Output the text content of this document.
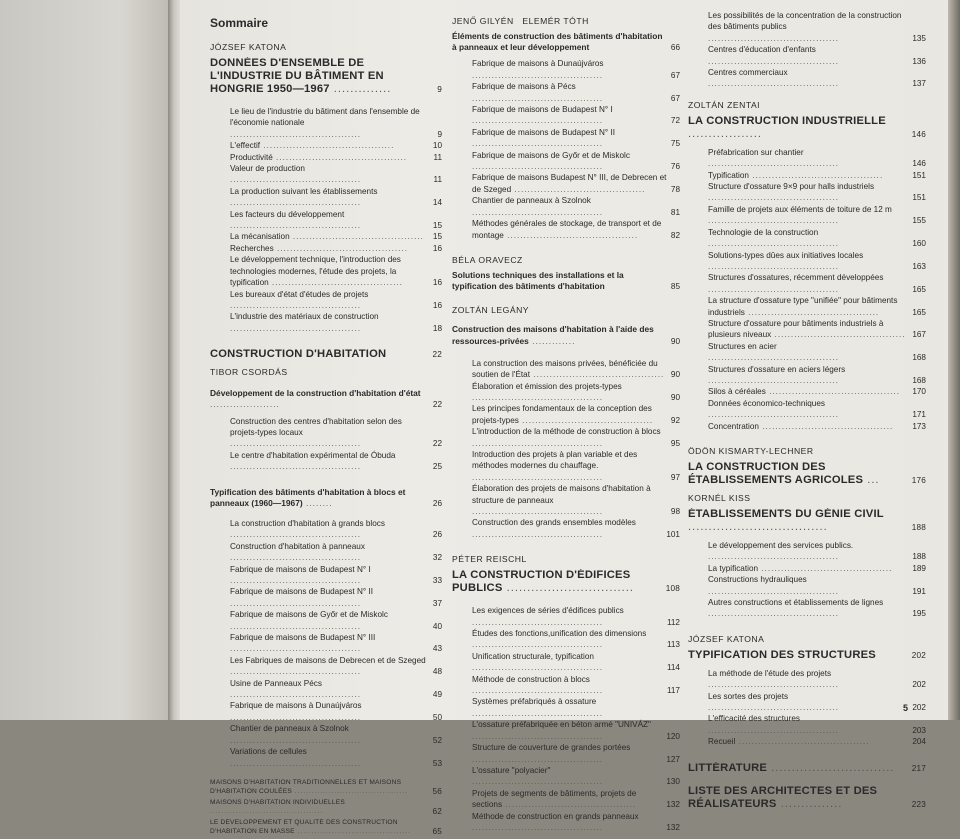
Sommaire
JÓZSEF KATONA
DONNÉES D'ENSEMBLE DE L'INDUSTRIE DU BÂTIMENT EN HONGRIE 1950—1967 ..............	9
Le lieu de l'industrie du bâtiment dans l'ensemble de l'économie nationale ........................................	9
L'effectif ........................................	10
Productivité ........................................	11
Valeur de production ........................................	11
La production suivant les établissements ........................................	14
Les facteurs du développement ........................................	15
La mécanisation ........................................	15
Recherches ........................................	16
Le développement technique, l'introduction des technologies modernes, l'étude des projets, la typification ........................................	16
Les bureaux d'état d'études de projets ........................................	16
L'industrie des matériaux de construction ........................................	18
CONSTRUCTION D'HABITATION	22
TIBOR CSORDÁS
Développement de la construction d'habitation d'état .....................	22
Construction des centres d'habitation selon des projets-types locaux ........................................	22
Le centre d'habitation expérimental de Óbuda ........................................	25
Typification des bâtiments d'habitation à blocs et panneaux (1960—1967) ........	26
La construction d'habitation à grands blocs ........................................	26
Construction d'habitation à panneaux ........................................	32
Fabrique de maisons de Budapest N° I ........................................	33
Fabrique de maisons de Budapest N° II ........................................	37
Fabrique de maisons de Győr et de Miskolc ........................................	40
Fabrique de maisons de Budapest N° III ........................................	43
Les Fabriques de maisons de Debrecen et de Szeged ........................................	48
Usine de Panneaux Pécs ........................................	49
Fabrique de maisons à Dunaújváros ........................................	50
Chantier de panneaux à Szolnok ........................................	52
Variations de cellules ........................................	53
MAISONS D'HABITATION TRADITIONNELLES ET MAISONS D'HABITATION COULÉES ........................................	56
MAISONS D'HABITATION INDIVIDUELLES ........................................	62
LE DÉVELOPPEMENT ET QUALITÉ DES CONSTRUCTION D'HABITATION EN MASSE ........................................	65
JENŐ GILYÉN   ELEMÉR TÓTH
Éléments de construction des bâtiments d'habitation à panneaux et leur développement	66
Fabrique de maisons à Dunaújváros ........................................	67
Fabrique de maisons à Pécs ........................................	67
Fabrique de maisons de Budapest N° I ........................................	72
Fabrique de maisons de Budapest N° II ........................................	75
Fabrique de maisons de Győr et de Miskolc ........................................	76
Fabrique de maisons Budapest N° III, de Debrecen et de Szeged ........................................	78
Chantier de panneaux à Szolnok ........................................	81
Méthodes générales de stockage, de transport et de montage ........................................	82
BÉLA ORAVECZ
Solutions techniques des installations et la typification des bâtiments d'habitation	85
ZOLTÁN LEGÁNY
Construction des maisons d'habitation à l'aide des ressources-privées .............	90
La construction des maisons privées, bénéficiée du soutien de l'État ........................................ 90
Élaboration et émission des projets-types ........................................	90
Les principes fondamentaux de la conception des projets-types ........................................	92
L'introduction de la méthode de construction à blocs ........................................	95
Introduction des projets à plan variable et des méthodes modernes du chauffage. ........................................	97
Élaboration des projets de maisons d'habitation à structure de panneaux ........................................	98
Construction des grands ensembles modèles ........................................	101
PÉTER REISCHL
LA CONSTRUCTION D'ÉDIFICES PUBLICS ...............................	108
Les exigences de séries d'édifices publics ........................................	112
Études des fonctions,unification des dimensions ........................................	113
Unification structurale, typification ........................................	114
Méthode de construction à blocs ........................................	117
Systèmes préfabriqués à ossature ........................................
L'ossature préfabriquée en béton armé "UNIVÁZ" ........................................	120
Structure de couverture de grandes portées ........................................	127
L'ossature "polyacier" ........................................	130
Projets de segments de bâtiments, projets de sections ........................................	132
Méthode de construction en grands panneaux ........................................	132
Les possibilités de la concentration de la construction des bâtiments publics ........................................	135
Centres d'éducation d'enfants ........................................	136
Centres commerciaux ........................................	137
ZOLTÁN ZENTAI
LA CONSTRUCTION INDUSTRIELLE ..................	146
Préfabrication sur chantier ........................................	146
Typification ........................................	151
Structure d'ossature 9×9 pour halls industriels ........................................	151
Famille de projets aux éléments de toiture de 12 m ........................................	155
Technologie de la construction ........................................	160
Solutions-types dûes aux initiatives locales ........................................	163
Structures d'ossatures, récemment développées ........................................	165
La structure d'ossature type "unifiée" pour bâtiments industriels ........................................	165
Structure d'ossature pour bâtiments industriels à plusieurs niveaux ........................................ 167
Structures en acier ........................................	168
Structures d'ossature en aciers légers ........................................	168
Silos à céréales ........................................	170
Données économico-techniques ........................................	171
Concentration ........................................	173
ÖDÖN KISMARTY-LECHNER
LA CONSTRUCTION DES ÉTABLISSEMENTS AGRICOLES ...	176
KORNÉL KISS
ÉTABLISSEMENTS DU GÉNIE CIVIL ..................................	188
Le développement des services publics. ........................................	188
La typification ........................................	189
Constructions hydrauliques ........................................	191
Autres constructions et établissements de lignes ........................................	195
JÓZSEF KATONA
TYPIFICATION DES STRUCTURES	202
La méthode de l'étude des projets ........................................	202
Les sortes des projets ........................................	202
L'efficacité des structures ........................................	203
Recueil ........................................	204
LITTÉRATURE ..............................	217
LISTE DES ARCHITECTES ET DES RÉALISATEURS ...............	223
5
